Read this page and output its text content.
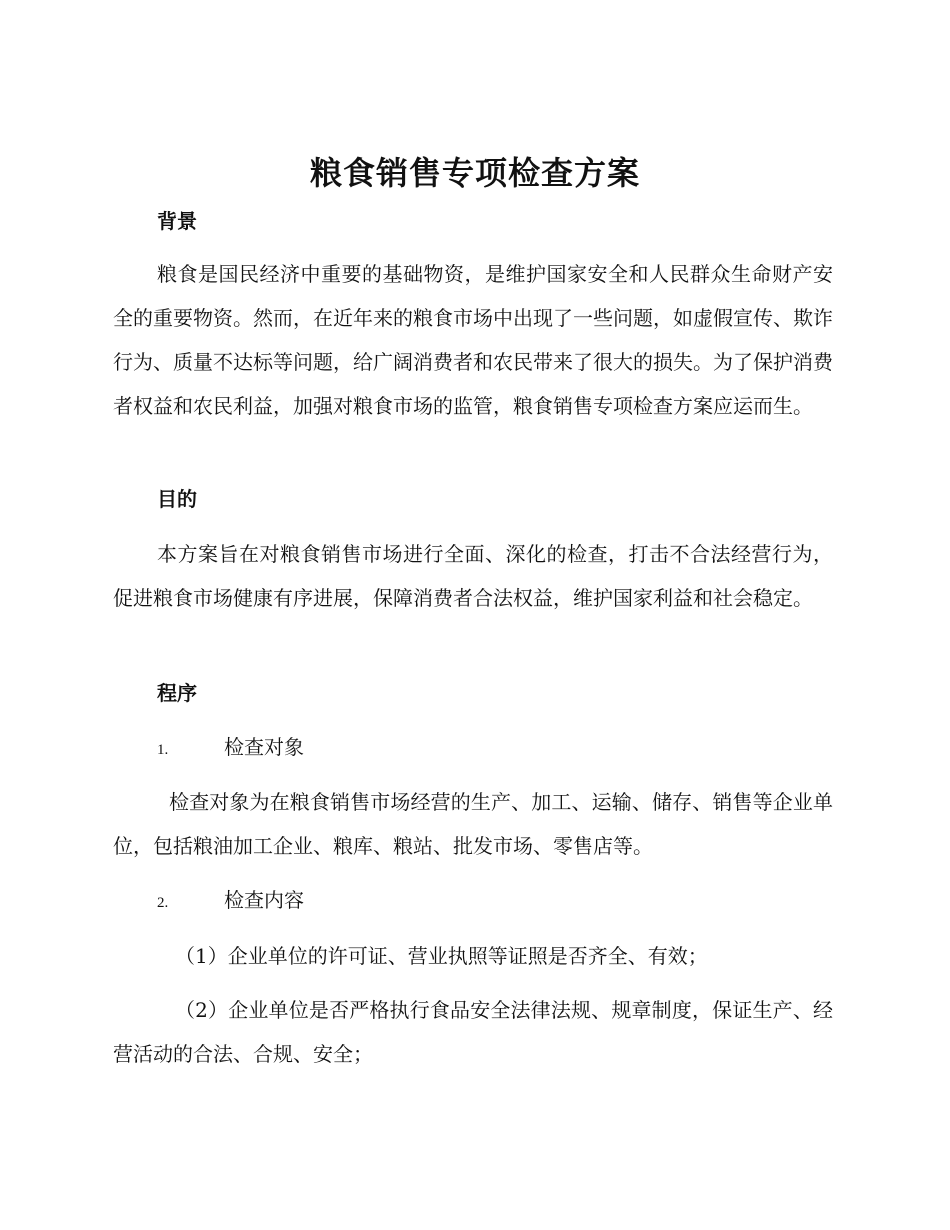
粮食销售专项检查方案
背景
粮食是国民经济中重要的基础物资，是维护国家安全和人民群众生命财产安全的重要物资。然而，在近年来的粮食市场中出现了一些问题，如虚假宣传、欺诈行为、质量不达标等问题，给广阔消费者和农民带来了很大的损失。为了保护消费者权益和农民利益，加强对粮食市场的监管，粮食销售专项检查方案应运而生。
目的
本方案旨在对粮食销售市场进行全面、深化的检查，打击不合法经营行为，促进粮食市场健康有序进展，保障消费者合法权益，维护国家利益和社会稳定。
程序
1.	检查对象
检查对象为在粮食销售市场经营的生产、加工、运输、储存、销售等企业单位，包括粮油加工企业、粮库、粮站、批发市场、零售店等。
2.	检查内容
（1）企业单位的许可证、营业执照等证照是否齐全、有效；
（2）企业单位是否严格执行食品安全法律法规、规章制度，保证生产、经营活动的合法、合规、安全；
